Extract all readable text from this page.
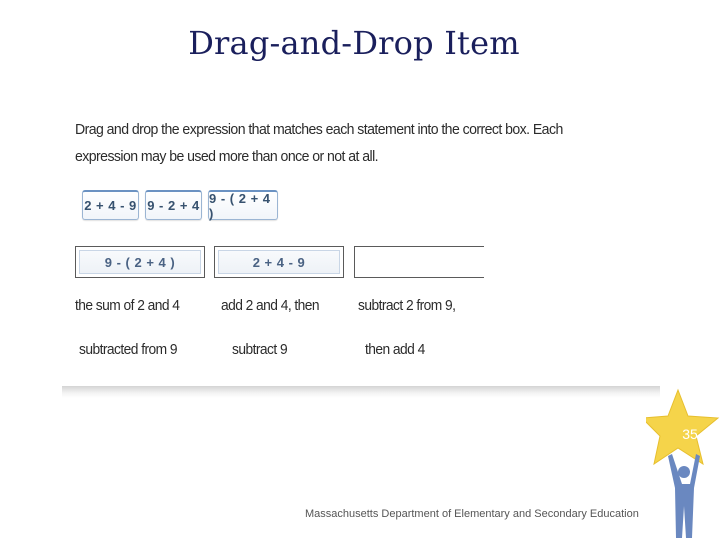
Drag-and-Drop Item
Drag and drop the expression that matches each statement into the correct box. Each expression may be used more than once or not at all.
2 + 4 - 9 9 - 2 + 4 9 - ( 2 + 4 )
9 - ( 2 + 4 )	2 + 4 - 9
the sum of 2 and 4
subtracted from 9
add 2 and 4, then
subtract 9
subtract 2 from 9,
then add 4
35
Massachusetts Department of Elementary and Secondary Education
